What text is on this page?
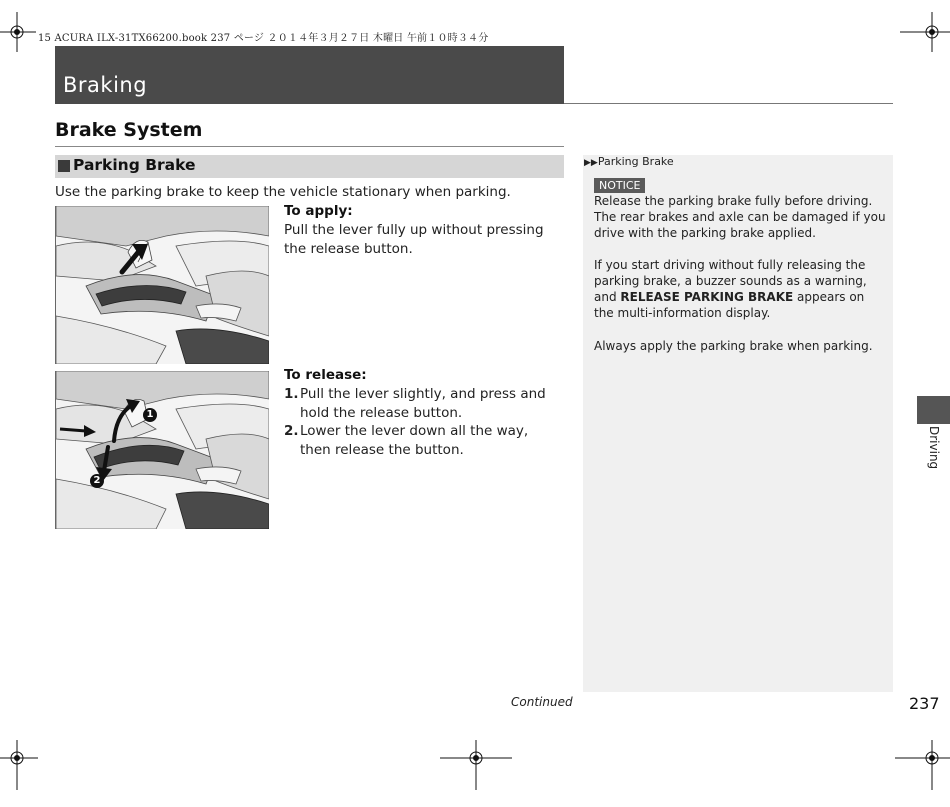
15 ACURA ILX-31TX66200.book 237 ページ ２０１４年３月２７日 木曜日 午前１０時３４分
Braking
Brake System
Parking Brake
Use the parking brake to keep the vehicle stationary when parking.
To apply:
Pull the lever fully up without pressing the release button.
1
2
To release:
1. Pull the lever slightly, and press and hold the release button.
2. Lower the lever down all the way, then release the button.
▶▶Parking Brake
NOTICE
Release the parking brake fully before driving. The rear brakes and axle can be damaged if you drive with the parking brake applied.
If you start driving without fully releasing the parking brake, a buzzer sounds as a warning, and RELEASE PARKING BRAKE appears on the multi-information display.
Always apply the parking brake when parking.
Continued	237
Driving
